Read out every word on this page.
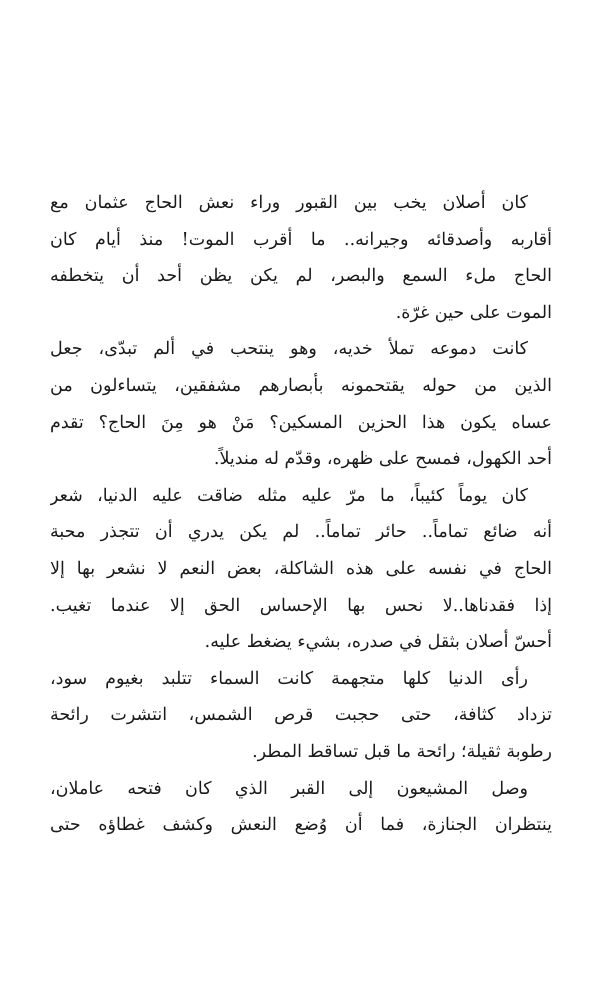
كان أصلان يخب بين القبور وراء نعش الحاج عثمان مع
أقاربه وأصدقائه وجيرانه.. ما أقرب الموت! منذ أيام كان
الحاج ملء السمع والبصر، لم يكن يظن أحد أن يتخطفه
الموت على حين غرّة.

كانت دموعه تملأ خديه، وهو ينتحب في ألم تبدّى، جعل
الذين من حوله يقتحمونه بأبصارهم مشفقين، يتساءلون من
عساه يكون هذا الحزين المسكين؟ مَنْ هو مِنَ الحاج؟ تقدم
أحد الكهول، فمسح على ظهره، وقدّم له منديلاً.

كان يوماً كئيباً، ما مرّ عليه مثله ضاقت عليه الدنيا، شعر
أنه ضائع تماماً.. حائر تماماً.. لم يكن يدري أن تتجذر محبة
الحاج في نفسه على هذه الشاكلة، بعض النعم لا نشعر بها إلا
إذا فقدناها..لا نحس بها الإحساس الحق إلا عندما تغيب.
أحسّ أصلان بثقل في صدره، بشيء يضغط عليه.

رأى الدنيا كلها متجهمة كانت السماء تتلبد بغيوم سود،
تزداد كثافة، حتى حجبت قرص الشمس، انتشرت رائحة
رطوبة ثقيلة؛ رائحة ما قبل تساقط المطر.

وصل المشيعون إلى القبر الذي كان فتحه عاملان،
ينتظران الجنازة، فما أن وُضع النعش وكشف غطاؤه حتى
